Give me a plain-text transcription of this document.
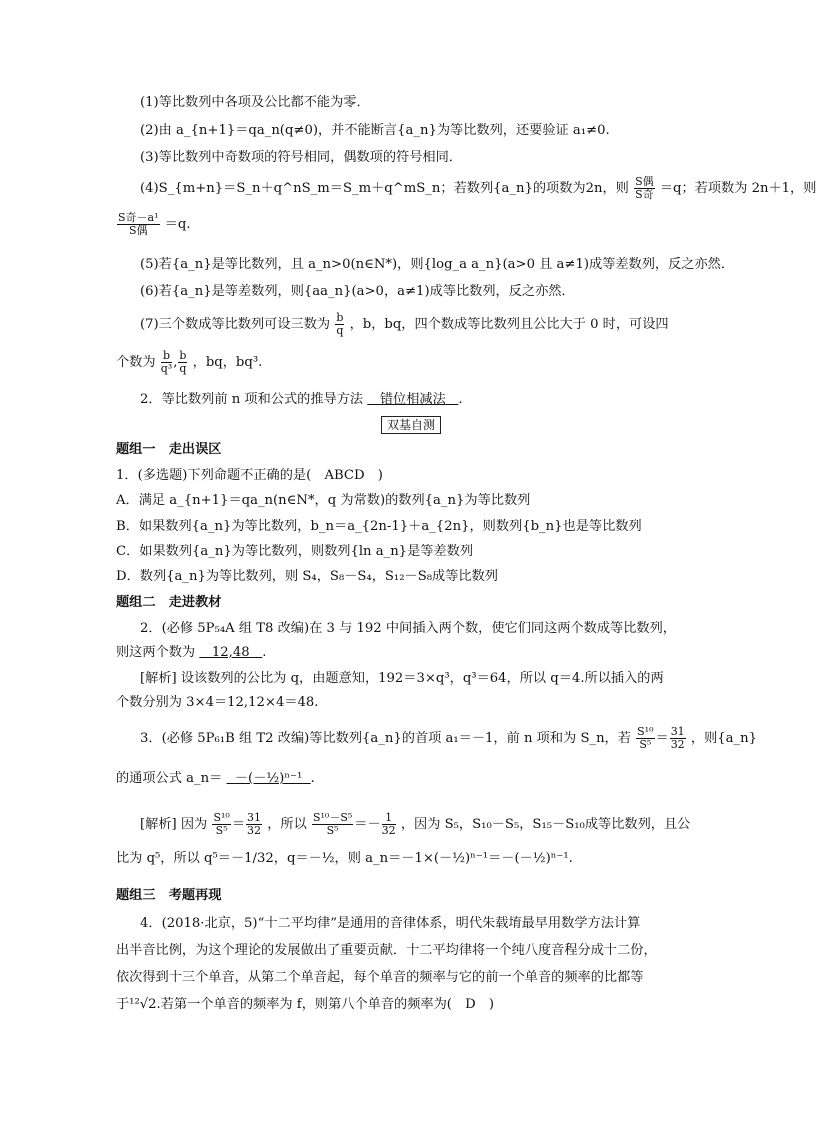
(1)等比数列中各项及公比都不能为零．
(2)由 a_{n+1}＝qa_n(q≠0)，并不能断言{a_n}为等比数列，还要验证 a₁≠0.
(3)等比数列中奇数项的符号相同，偶数项的符号相同．
(4)S_{m+n}＝S_n＋q^nS_m＝S_m＋q^mS_n；若数列{a_n}的项数为2n，则 S偶
S奇 ＝q；若项数为 2n＋1，则
S奇－a¹
S偶	＝q.
(5)若{a_n}是等比数列，且 a_n>0(n∈N*)，则{log_a a_n}(a>0 且 a≠1)成等差数列，反之亦然．
(6)若{a_n}是等差数列，则{aa_n}(a>0，a≠1)成等比数列，反之亦然．
(7)三个数成等比数列可设三数为 $\frac{b}{q}$ ，b，bq，四个数成等比数列且公比大于 0 时，可设四
个数为 $\frac{b}{\text{q³}}$ , $\frac{b}{q}$ ，bq，bq³.
2．等比数列前 n 项和公式的推导方法 错位相减法 .
双基自测
题组一　走出误区
1．(多选题)下列命题不正确的是(　ABCD　)
A．满足 a_{n+1}＝qa_n(n∈N*，q 为常数)的数列{a_n}为等比数列
B．如果数列{a_n}为等比数列，b_n＝a_{2n-1}＋a_{2n}，则数列{b_n}也是等比数列
C．如果数列{a_n}为等比数列，则数列{ln a_n}是等差数列
D．数列{a_n}为等比数列，则 S₄，S₈－S₄，S₁₂－S₈成等比数列
题组二　走进教材
2．(必修 5P₅₄A 组 T8 改编)在 3 与 192 中间插入两个数，使它们同这两个数成等比数列，
则这两个数为 12,48 .
[解析] 设该数列的公比为 q，由题意知，192＝3×q³，q³＝64，所以 q＝4.所以插入的两
个数分别为 3×4＝12,12×4＝48.
3．(必修 5P₆₁B 组 T2 改编)等比数列{a_n}的首项 a₁＝－1，前 n 项和为 S_n，若 $\frac{\text{S¹⁰}}{\text{S⁵}} = \frac{31}{32}$ ，则{a_n}
的通项公式 a_n＝ －(－½)ⁿ⁻¹ .
[解析] 因为 $\frac{\text{S¹⁰}}{\text{S⁵}} = \frac{31}{32}$ ，所以 $\frac{\text{S¹⁰－S⁵}}{\text{S⁵}} =- \frac{1}{32}$ ，因为 S₅，S₁₀－S₅，S₁₅－S₁₀成等比数列，且公
比为 q⁵，所以 q⁵＝－1/32，q＝－½，则 a_n＝－1×(－½)ⁿ⁻¹＝－(－½)ⁿ⁻¹.
题组三　考题再现
4．(2018·北京，5)“十二平均律”是通用的音律体系，明代朱载堉最早用数学方法计算
出半音比例，为这个理论的发展做出了重要贡献．十二平均律将一个纯八度音程分成十二份，
依次得到十三个单音，从第二个单音起，每个单音的频率与它的前一个单音的频率的比都等
于¹²√2.若第一个单音的频率为 f，则第八个单音的频率为(　D　)
